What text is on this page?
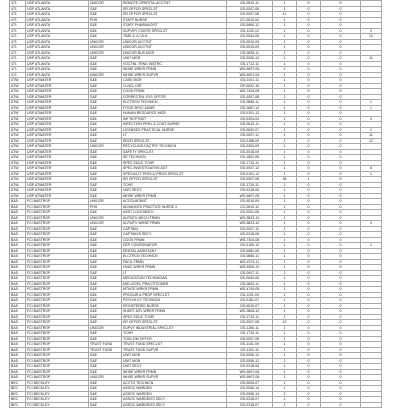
471	USP ATLANTA	UNICOR	REMOTE OPERTNL ACCTNT	GS-0510-11	1	0	0	
471	USP ATLANTA	S&E	SR OFFCR SPECLST	GS-0007-08	1	0	0	
471	USP ATLANTA	S&E	SR OFFCR SPECLST	GS-0007-08	11	0	0	
471	USP ATLANTA	PHS	STAFF NURSE	CC-0610-02	1	0	0	
471	USP ATLANTA	S&E	STAFF PHARMACIST	GS-0660-12	1	0	0	
471	USP ATLANTA	S&E	SUPVRY CONTR SPECLST	GS-1102-12	1	0	0	2
471	USP ATLANTA	S&E	TIME & LV CLK	GS-0544-05	1	0	0	12
471	USP ATLANTA	UNICOR	UNICOR ACCTNT	GS-0510-09	1	0	0	
471	USP ATLANTA	UNICOR	UNICOR ACCTNT	GS-0510-09	1	0	0	
471	USP ATLANTA	UNICOR	UNICOR BUS MGR	GS-0505-11	1	0	0	
471	USP ATLANTA	S&E	UNIT MGR	GS-0006-12	1	0	0	11
471	USP ATLANTA	S&E	VOCTNL TRNG INSTRC	GS-1712-11	1	0	0	
471	USP ATLANTA	S&E	WHSE WRKR FRMN	WS-6907-06	2	0	0	
471	USP ATLANTA	UNICOR	WHSE WRKR SUPVR	WS-6907-06	1	0	0	
ATW	USP ATWATER	S&E	CASE MGR	GS-0101-11	1	0	0	
ATW	USP ATWATER	S&E	CLNCL DIR	GP-0602-15	1	0	0	
ATW	USP ATWATER	S&E	COOK FRMN	WS-7404-08	1	0	0	
ATW	USP ATWATER	S&E	CORRECTNL SYS OFFCR	GS-0007-08	1	0	0	
ATW	USP ATWATER	S&E	ELCTRCN TECHNCN	GS-0856-11	1	0	0	1
ATW	USP ATWATER	S&E	FOOD SRVC ADMR	GS-1667-12	1	0	0	1
ATW	USP ATWATER	S&E	HUMAN RESOURCE MGR	GS-0201-12	1	0	0	
ATW	USP ATWATER	S&E	INF RCPTNST	GS-0304-04	1	0	0	4
ATW	USP ATWATER	S&E	INFECTION PREV & CONT NURSE	GS-0610-11	1	0	0	
ATW	USP ATWATER	S&E	LICENSED PRACTICAL NURSE	GS-0620-07	1	0	0	1
ATW	USP ATWATER	S&E	LT	GS-0007-11	1	0	0	11
ATW	USP ATWATER	S&E	RECR SPECLST	GS-0188-09	1	0	0	12
ATW	USP ATWATER	UNICOR	RECYCLING FACTRY TECHNCN	GS-0303-09	1	0	0	
ATW	USP ATWATER	S&E	SAFETY SPECLST	GS-0018-09	1	0	0	
ATW	USP ATWATER	S&E	SE TECHNCN	GS-1802-08	1	0	0	
ATW	USP ATWATER	S&E	SPEC EDUC TCHR	GS-1710-11	1	0	0	
ATW	USP ATWATER	S&E	SPEC INVESTIGATIVE AGT	GS-0007-12	1	0	0	6
ATW	USP ATWATER	S&E	SPECIALTY PROCU PROG SPECLST	GS-0101-12	1	0	0	1
ATW	USP ATWATER	S&E	SR OFFCR SPECLST	GS-0007-08	38	1	0	
ATW	USP ATWATER	S&E	TCHR	GS-1710-11	1	0	0	
ATW	USP ATWATER	S&E	UNIT SECY	GS-0318-06	1	0	0	
ATW	USP ATWATER	S&E	WHSE WRKR FRMN	WS-6907-05	1	0	0	
BAS	FCI BASTROP	UNICOR	ACCOUNTANT	GS-0510-09	1	0	0	
BAS	FCI BASTROP	PHS	ADVANCED PRACTICE NURSE X	CC-0610-11	1	0	0	
BAS	FCI BASTROP	S&E	ASST LOCKSMITH	GS-0001-08	1	0	0	
BAS	FCI BASTROP	UNICOR	AUTMTV MECH FRMN	WS-5823-10	1	0	0	
BAS	FCI BASTROP	UNICOR	AUTMTV WHSE FRMN	WS-5823-10	1	0	0	4
BAS	FCI BASTROP	S&E	CAPTAIN	GS-0007-12	1	0	0	
BAS	FCI BASTROP	S&E	CAPTAIN'S SECY	GS-0318-06	1	0	0	
BAS	FCI BASTROP	S&E	COOK FRMN	WS-7404-08	1	0	0	
BAS	FCI BASTROP	S&E	DEP COORDINATOR	GS-0180-12	1	0	0	1
BAS	FCI BASTROP	S&E	DENTAL ASSISTANT	GS-0681-05	1	0	0	
BAS	FCI BASTROP	S&E	ELCTRCN TECHNCN	GS-0856-11	1	0	0	
BAS	FCI BASTROP	S&E	FACIL FRMN	WS-4701-11	1	0	0	
BAS	FCI BASTROP	S&E	HVAC WRKR FRMN	WS-5306-10	1	0	0	
BAS	FCI BASTROP	S&E	LT	GS-0007-11	1	0	0	
BAS	FCI BASTROP	S&E	MEDICATION TECHNICIAN	GS-0640-06	1	0	0	
BAS	FCI BASTROP	S&E	MID-LEVEL PRACTITIONER	GS-0603-11	1	0	0	
BAS	FCI BASTROP	S&E	MTNCE WRKR FRMN	WS-4749-08	1	0	0	
BAS	FCI BASTROP	S&E	PROCUR & PROP SPECLST	GS-1101-09	1	0	0	
BAS	FCI BASTROP	S&E	PSYCHLGY TECHNCN	GS-0181-07	1	0	0	
BAS	FCI BASTROP	S&E	REGISTERED NURSE	GS-0610-07	1	0	0	
BAS	FCI BASTROP	S&E	SHEET MTL WRKR FRMN	WS-3806-10	1	0	0	
BAS	FCI BASTROP	S&E	SPEC EDUC TCHR	GS-1710-11	1	0	0	
BAS	FCI BASTROP	S&E	SR OFFCR SPECLST	GS-0007-08	12	0	0	
BAS	FCI BASTROP	UNICOR	SUPVY INDUSTRIAL SPECLST	GS-1150-11	1	0	0	
BAS	FCI BASTROP	S&E	TCHR	GS-1710-11	1	0	0	
BAS	FCI BASTROP	S&E	TOOL RM OFFCR	GS-0007-08	1	0	0	
BAS	FCI BASTROP	TRUST FUND	TRUST FUND SPECLST	GS-1101-09	1	0	0	
BAS	FCI BASTROP	TRUST FUND	TRUST FUND SUPVR	GS-1101-11	1	0	0	
BAS	FCI BASTROP	S&E	UNIT MGR	GS-0006-12	1	0	0	
BAS	FCI BASTROP	S&E	UNIT MGR	GS-0006-12	1	0	0	
BAS	FCI BASTROP	S&E	UNIT SECY	GS-0318-06	1	0	0	
BAS	FCI BASTROP	S&E	WHSE WRKR FRMN	WS-6907-06	1	0	0	
BAS	FCI BASTROP	UNICOR	WHSE WRKR SUPVR	WS-6907-06	1	0	0	
BEC	FCI BECKLEY	S&E	ACCTG TECHNCN	GS-0525-07	1	0	0	
BEC	FCI BECKLEY	S&E	ASSOC WARDEN	GS-0006-14	1	0	0	
BEC	FCI BECKLEY	S&E	ASSOC WARDEN	GS-0006-14	2	0	0	
BEC	FCI BECKLEY	S&E	ASSOC WARDEN'S SECY	GS-0318-07	1	0	0	
BEC	FCI BECKLEY	S&E	ASSOC WARDEN'S SECY	GS-0318-07	1	0	0	
